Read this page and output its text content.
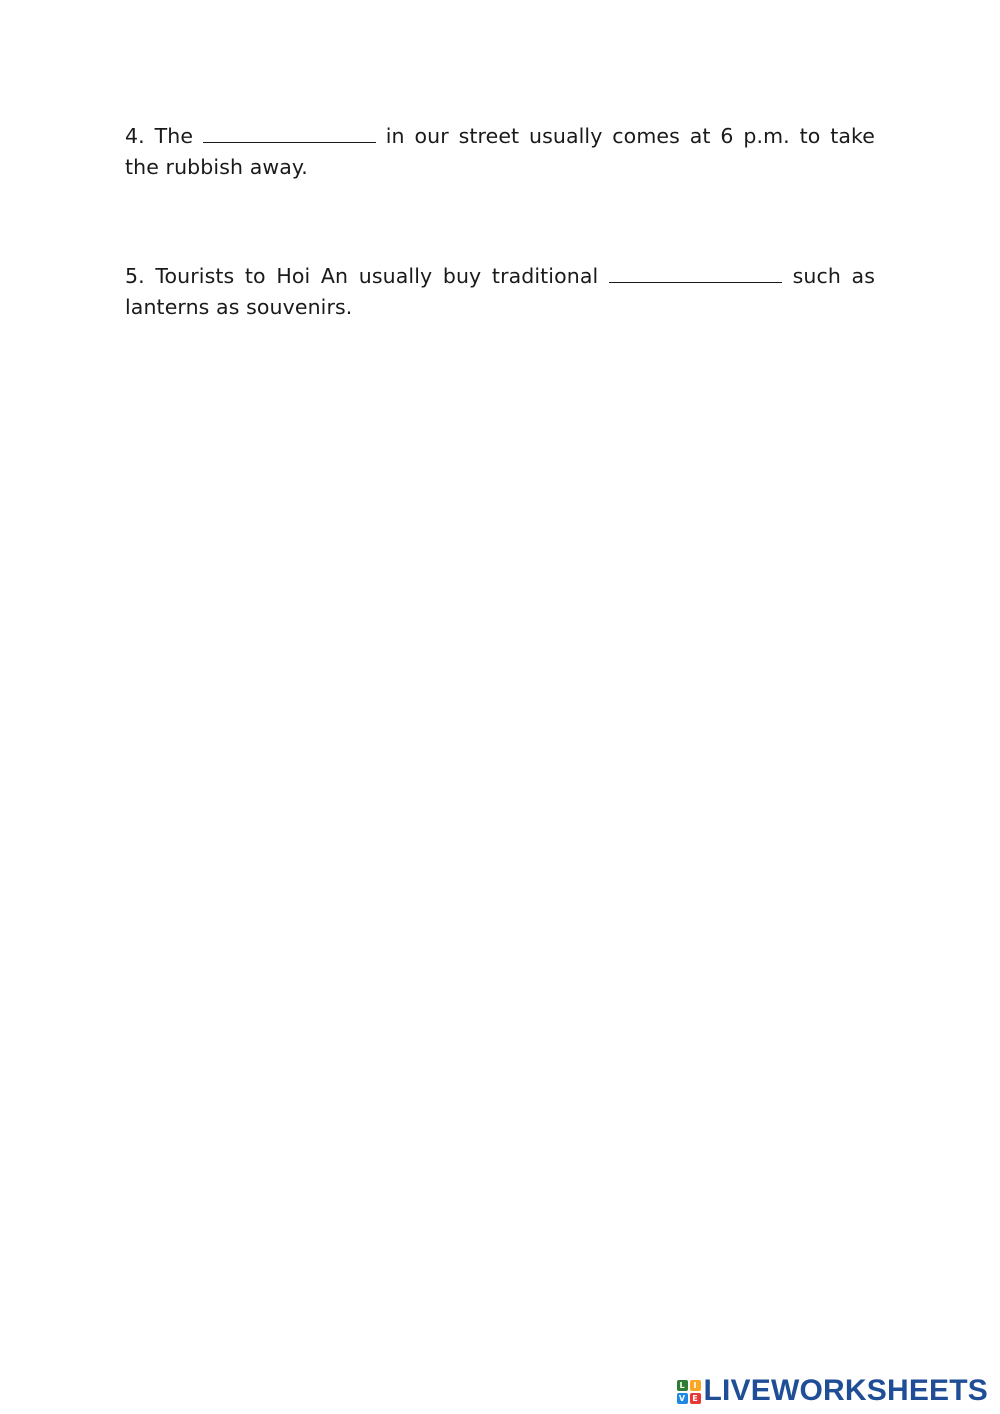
4. The	in our street usually comes at 6 p.m. to take the rubbish away.

5. Tourists to Hoi An usually buy traditional	such as lanterns as souvenirs.

L	I
V E LIVEWORKSHEETS
